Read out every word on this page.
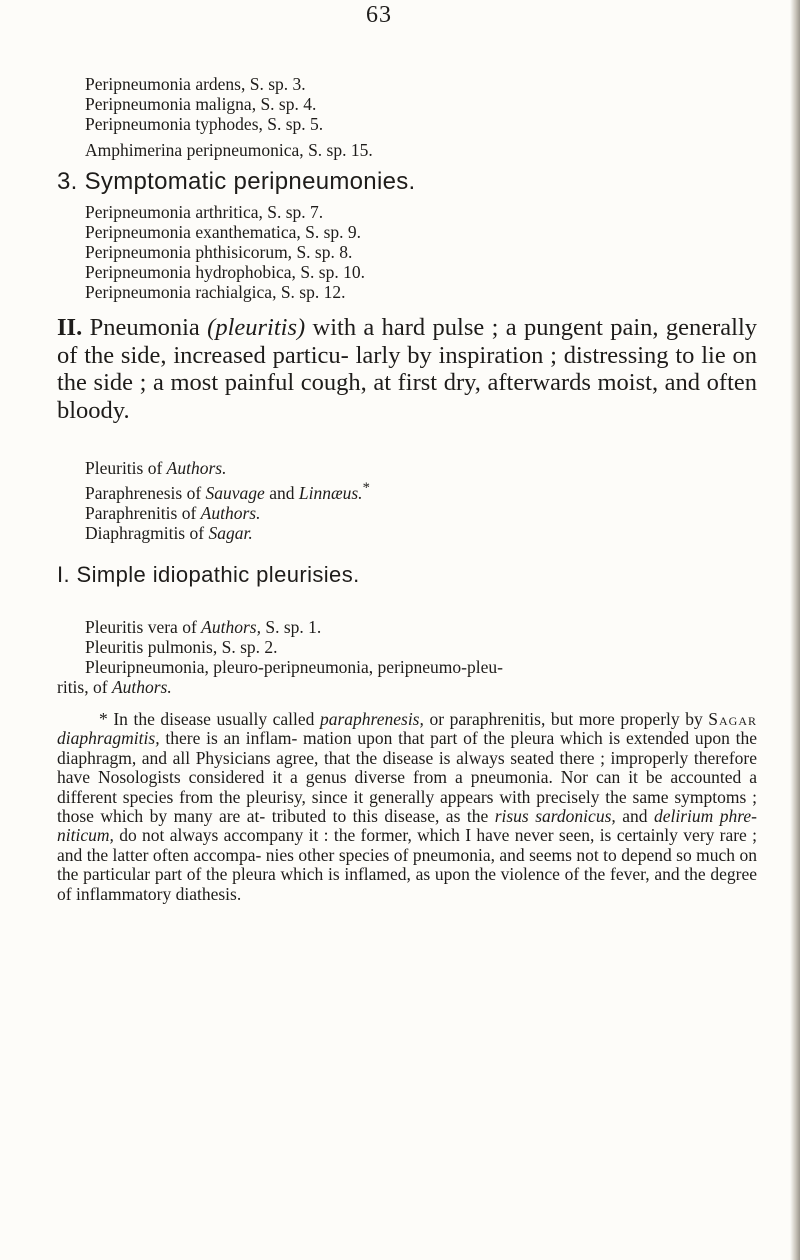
63

Peripneumonia ardens, S. sp. 3.

Peripneumonia maligna, S. sp. 4.

Peripneumonia typhodes, S. sp. 5.

Amphimerina peripneumonica, S. sp. 15.

3. Symptomatic peripneumonies.

Peripneumonia arthritica, S. sp. 7.

Peripneumonia exanthematica, S. sp. 9.

Peripneumonia phthisicorum, S. sp. 8.

Peripneumonia hydrophobica, S. sp. 10.

Peripneumonia rachialgica, S. sp. 12.

II. Pneumonia (pleuritis) with a hard pulse ; a pungent pain, generally of the side, increased particu- larly by inspiration ; distressing to lie on the side ; a most painful cough, at first dry, afterwards moist, and often bloody.

Pleuritis of Authors.

Paraphrenesis of Sauvage and Linnæus.*

Paraphrenitis of Authors.

Diaphragmitis of Sagar.

I. Simple idiopathic pleurisies.

Pleuritis vera of Authors, S. sp. 1.

Pleuritis pulmonis, S. sp. 2.

Pleuripneumonia, pleuro-peripneumonia, peripneumo-pleu-

ritis, of Authors.

* In the disease usually called paraphrenesis, or paraphrenitis, but more properly by Sagar diaphragmitis, there is an inflam- mation upon that part of the pleura which is extended upon the diaphragm, and all Physicians agree, that the disease is always seated there ; improperly therefore have Nosologists considered it a genus diverse from a pneumonia. Nor can it be accounted a different species from the pleurisy, since it generally appears with precisely the same symptoms ; those which by many are at- tributed to this disease, as the risus sardonicus, and delirium phre- niticum, do not always accompany it : the former, which I have never seen, is certainly very rare ; and the latter often accompa- nies other species of pneumonia, and seems not to depend so much on the particular part of the pleura which is inflamed, as upon the violence of the fever, and the degree of inflammatory diathesis.
